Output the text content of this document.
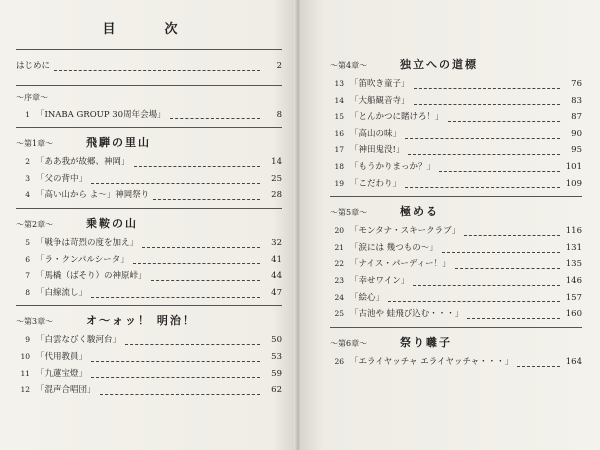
目　次
はじめに	2
〜序章〜
1 「INABA GROUP 30周年会場」	8
〜第1章〜	飛騨の里山
2 「ああ我が故郷、神岡」	14
3 「父の背中」	25
4 「高い山から よ〜」神岡祭り	28
〜第2章〜	乗鞍の山
5 「戦争は苛烈の度を加え」	32
6 「ラ・クンパルシータ」	41
7 「馬橇（ばそり）の神原峠」	44
8 「白線流し」	47
〜第3章〜	オ〜ォッ！ 明治！
9 「白雲なびく駿河台」	50
10 「代用教員」	53
11 「九蓮宝燈」	59
12 「混声合唱団」	62
〜第4章〜	独立への道標
13 「笛吹き童子」	76
14 「大船観音寺」	83
15 「とんかつに賭けろ！」	87
16 「高山の味」	90
17 「神田鬼没!」	95
18 「もうかりまっか？」	101
19 「こだわり」	109
〜第5章〜	極める
20 「モンタナ・スキークラブ」	116
21 「涙には 幾つもの〜」	131
22 「ナイス・パーディー！」	135
23 「幸せワイン」	146
24 「絵心」	157
25 「古池や 蛙飛び込む・・・」	160
〜第6章〜	祭り囃子
26 「エライヤッチャ エライヤッチャ・・・」	164
